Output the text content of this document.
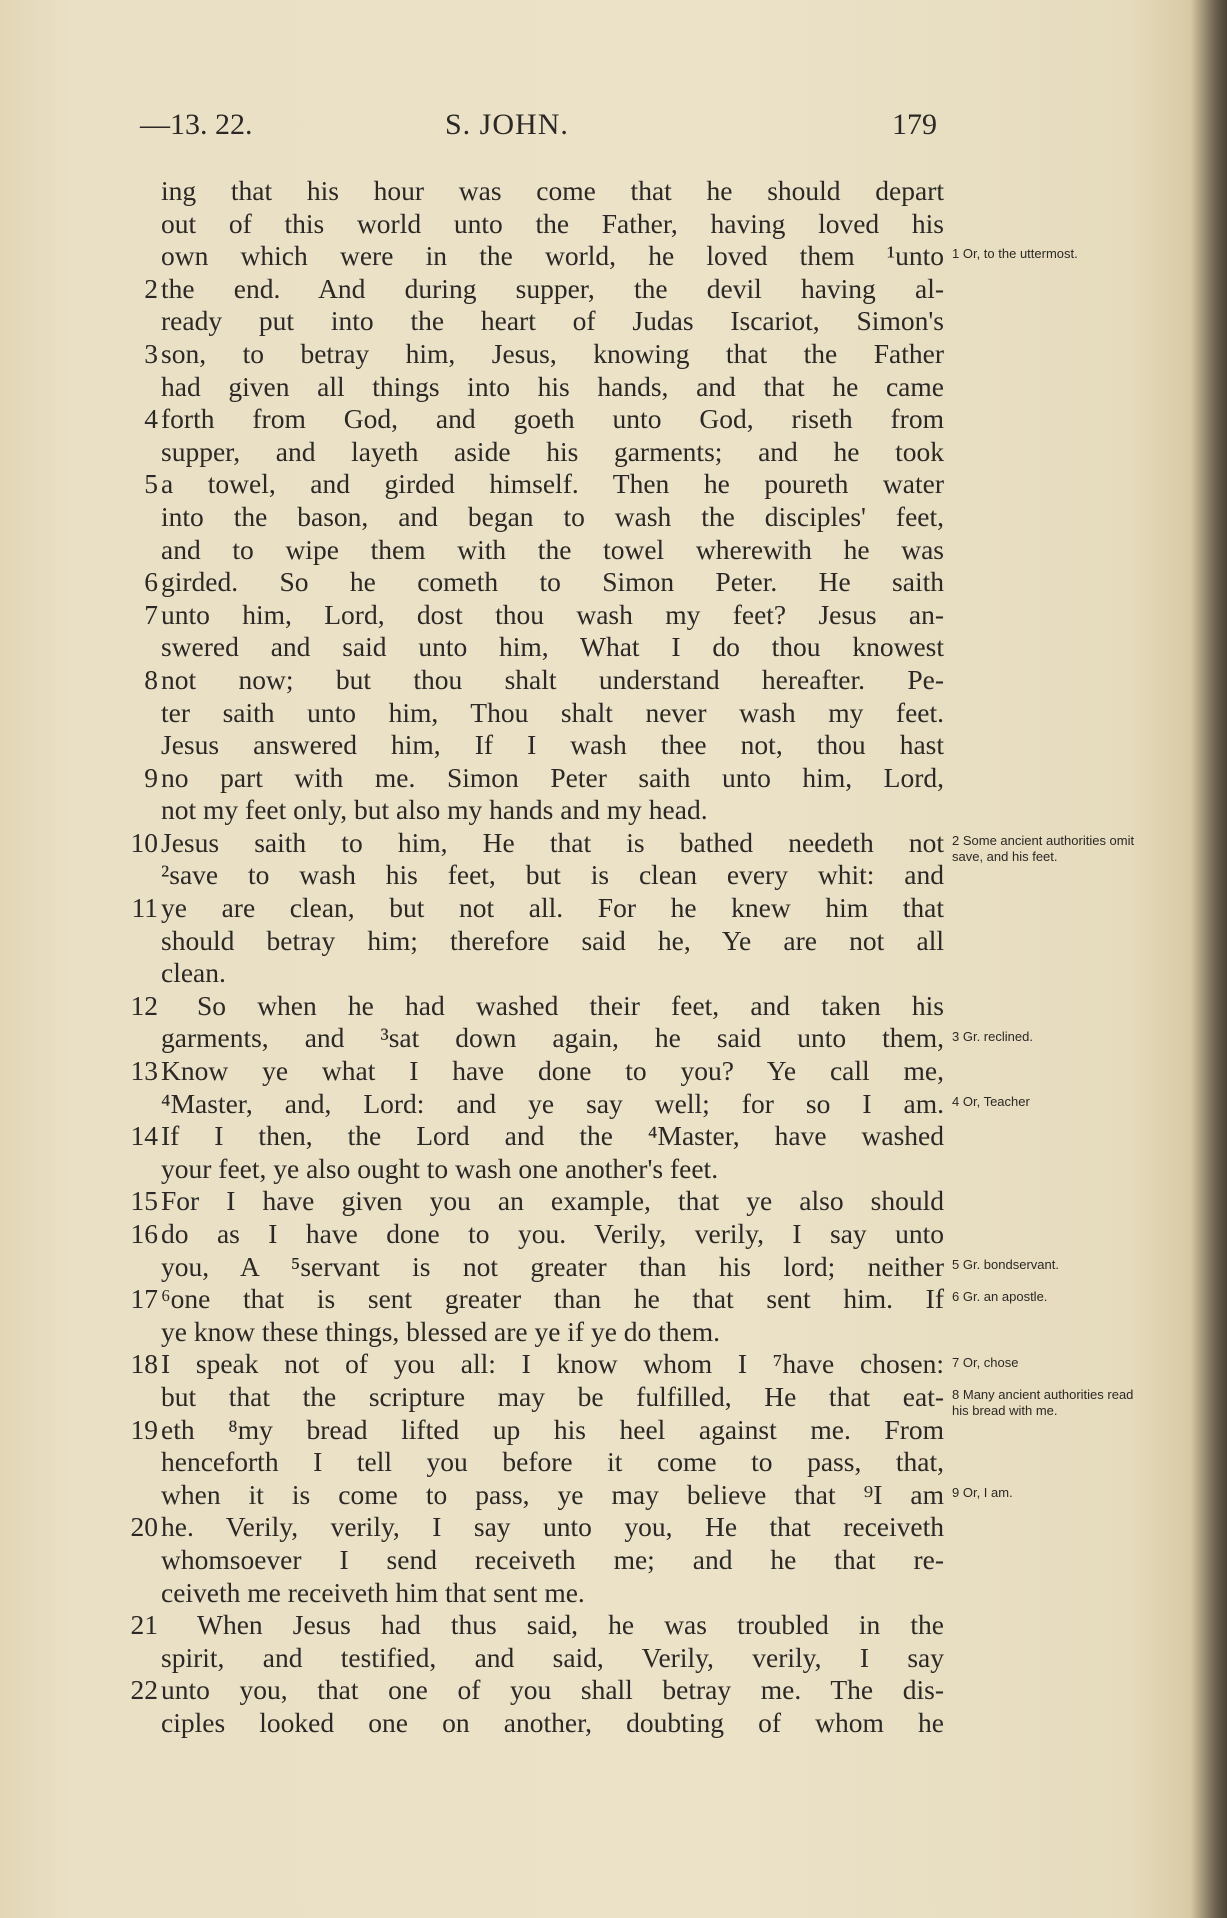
—13. 22.	S. JOHN.	179
ing that his hour was come that he should depart
out of this world unto the Father, having loved his
own which were in the world, he loved them ¹unto
2 the end. And during supper, the devil having al-
ready put into the heart of Judas Iscariot, Simon's
3 son, to betray him, Jesus, knowing that the Father
had given all things into his hands, and that he came
4 forth from God, and goeth unto God, riseth from
supper, and layeth aside his garments; and he took
5 a towel, and girded himself. Then he poureth water
into the bason, and began to wash the disciples' feet,
and to wipe them with the towel wherewith he was
6 girded. So he cometh to Simon Peter. He saith
7 unto him, Lord, dost thou wash my feet? Jesus an-
swered and said unto him, What I do thou knowest
8 not now; but thou shalt understand hereafter. Pe-
ter saith unto him, Thou shalt never wash my feet.
Jesus answered him, If I wash thee not, thou hast
9 no part with me. Simon Peter saith unto him, Lord,
not my feet only, but also my hands and my head.
10 Jesus saith to him, He that is bathed needeth not
²save to wash his feet, but is clean every whit: and
11 ye are clean, but not all. For he knew him that
should betray him; therefore said he, Ye are not all
clean.
12 So when he had washed their feet, and taken his
garments, and ³sat down again, he said unto them,
13 Know ye what I have done to you? Ye call me,
⁴Master, and, Lord: and ye say well; for so I am.
14 If I then, the Lord and the ⁴Master, have washed
your feet, ye also ought to wash one another's feet.
15 For I have given you an example, that ye also should
16 do as I have done to you. Verily, verily, I say unto
you, A ⁵servant is not greater than his lord; neither
17 ⁶one that is sent greater than he that sent him. If
ye know these things, blessed are ye if ye do them.
18 I speak not of you all: I know whom I ⁷have chosen:
but that the scripture may be fulfilled, He that eat-
19 eth ⁸my bread lifted up his heel against me. From
henceforth I tell you before it come to pass, that,
when it is come to pass, ye may believe that ⁹I am
20 he. Verily, verily, I say unto you, He that receiveth
whomsoever I send receiveth me; and he that re-
ceiveth me receiveth him that sent me.
21 When Jesus had thus said, he was troubled in the
spirit, and testified, and said, Verily, verily, I say
22 unto you, that one of you shall betray me. The dis-
ciples looked one on another, doubting of whom he
1 Or, to the uttermost.
2 Some ancient authorities omit save, and his feet.
3 Gr. reclined.
4 Or, Teacher
5 Gr. bondservant.
6 Gr. an apostle.
7 Or, chose
8 Many ancient authorities read his bread with me.
9 Or, I am.
